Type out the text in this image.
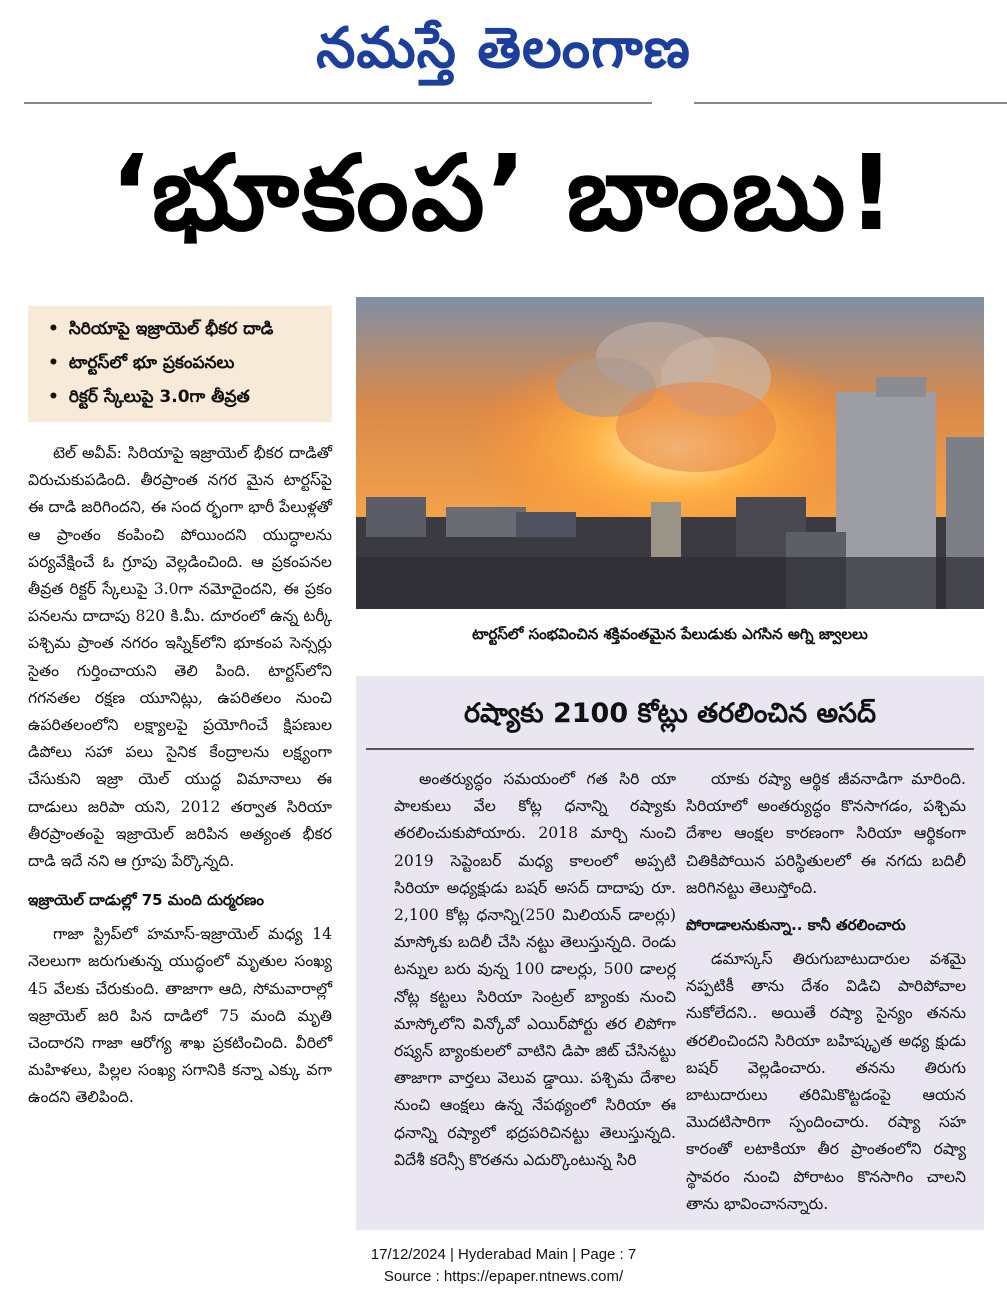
నమస్తే తెలంగాణ
‘భూకంప’ బాంబు!
• సిరియాపై ఇజ్రాయెల్ భీకర దాడి
• టార్టస్‌లో భూ ప్రకంపనలు
• రిక్టర్ స్కేలుపై 3.0గా తీవ్రత

టెల్ అవీవ్: సిరియాపై ఇజ్రాయెల్ భీకర దాడితో విరుచుకుపడింది. తీరప్రాంత నగర మైన టార్టస్‌పై ఈ దాడి జరిగిందని, ఈ సంద ర్భంగా భారీ పేలుళ్లతో ఆ ప్రాంతం కంపించి పోయిందని యుద్ధాలను పర్యవేక్షించే ఓ గ్రూపు వెల్లడించింది. ఆ ప్రకంపనల తీవ్రత రిక్టర్ స్కేలుపై 3.0గా నమోదైందని, ఈ ప్రకం పనలను దాదాపు 820 కి.మీ. దూరంలో ఉన్న టర్కీ పశ్చిమ ప్రాంత నగరం ఇస్నిక్‌లోని భూకంప సెన్సర్లు సైతం గుర్తించాయని తెలి పింది. టార్టస్‌లోని గగనతల రక్షణ యూనిట్లు, ఉపరితలం నుంచి ఉపరితలంలోని లక్ష్యాలపై ప్రయోగించే క్షిపణుల డిపోలు సహా పలు సైనిక కేంద్రాలను లక్ష్యంగా చేసుకుని ఇజ్రా యెల్ యుద్ధ విమానాలు ఈ దాడులు జరిపా యని, 2012 తర్వాత సిరియా తీరప్రాంతంపై ఇజ్రాయెల్ జరిపిన అత్యంత భీకర దాడి ఇదే నని ఆ గ్రూపు పేర్కొన్నది.

ఇజ్రాయెల్ దాడుల్లో 75 మంది దుర్మరణం

గాజా స్ట్రిప్‌లో హమాస్-ఇజ్రాయెల్ మధ్య 14 నెలలుగా జరుగుతున్న యుద్ధంలో మృతుల సంఖ్య 45 వేలకు చేరుకుంది. తాజాగా ఆది, సోమవారాల్లో ఇజ్రాయెల్ జరి పిన దాడిలో 75 మంది మృతి చెందారని గాజా ఆరోగ్య శాఖ ప్రకటించింది. వీరిలో మహిళలు, పిల్లల సంఖ్య సగానికి కన్నా ఎక్కు వగా ఉందని తెలిపింది.

టార్టస్‌లో సంభవించిన శక్తివంతమైన పేలుడుకు ఎగసిన అగ్ని జ్వాలలు
రష్యాకు 2100 కోట్లు తరలించిన అసద్

అంతర్యుద్ధం సమయంలో గత సిరి యా పాలకులు వేల కోట్ల ధనాన్ని రష్యాకు తరలించుకుపోయారు. 2018 మార్చి నుంచి 2019 సెప్టెంబర్ మధ్య కాలంలో అప్పటి సిరియా అధ్యక్షుడు బషర్ అసద్ దాదాపు రూ. 2,100 కోట్ల ధనాన్ని(250 మిలియన్ డాలర్లు) మాస్కోకు బదిలీ చేసి నట్టు తెలుస్తున్నది. రెండు టన్నుల బరు వున్న 100 డాలర్లు, 500 డాలర్ల నోట్ల కట్టలు సిరియా సెంట్రల్ బ్యాంకు నుంచి మాస్కోలోని విన్కోవో ఎయిర్‌పోర్టు తర లిపోగా రష్యన్ బ్యాంకులలో వాటిని డిపా జిట్ చేసినట్టు తాజాగా వార్తలు వెలువ డ్డాయి. పశ్చిమ దేశాల నుంచి ఆంక్షలు ఉన్న నేపథ్యంలో సిరియా ఈ ధనాన్ని రష్యాలో భద్రపరిచినట్టు తెలుస్తున్నది. విదేశీ కరెన్సీ కొరతను ఎదుర్కొంటున్న సిరి

యాకు రష్యా ఆర్థిక జీవనాడిగా మారింది. సిరియాలో అంతర్యుద్ధం కొనసాగడం, పశ్చిమ దేశాల ఆంక్షల కారణంగా సిరియా ఆర్థికంగా చితికిపోయిన పరిస్థితులలో ఈ నగదు బదిలీ జరిగినట్టు తెలుస్తోంది.

పోరాడాలనుకున్నా.. కానీ తరలించారు

డమాస్కస్ తిరుగుబాటుదారుల వశమై నప్పటికీ తాను దేశం విడిచి పారిపోవాల నుకోలేదని.. అయితే రష్యా సైన్యం తనను తరలించిందని సిరియా బహిష్కృత అధ్య క్షుడు బషర్ వెల్లడించారు. తనను తిరుగు బాటుదారులు తరిమికొట్టడంపై ఆయన మొదటిసారిగా స్పందించారు. రష్యా సహ కారంతో లటాకియా తీర ప్రాంతంలోని రష్యా స్థావరం నుంచి పోరాటం కొనసాగిం చాలని తాను భావించానన్నారు.

17/12/2024 | Hyderabad Main | Page : 7
Source : https://epaper.ntnews.com/
